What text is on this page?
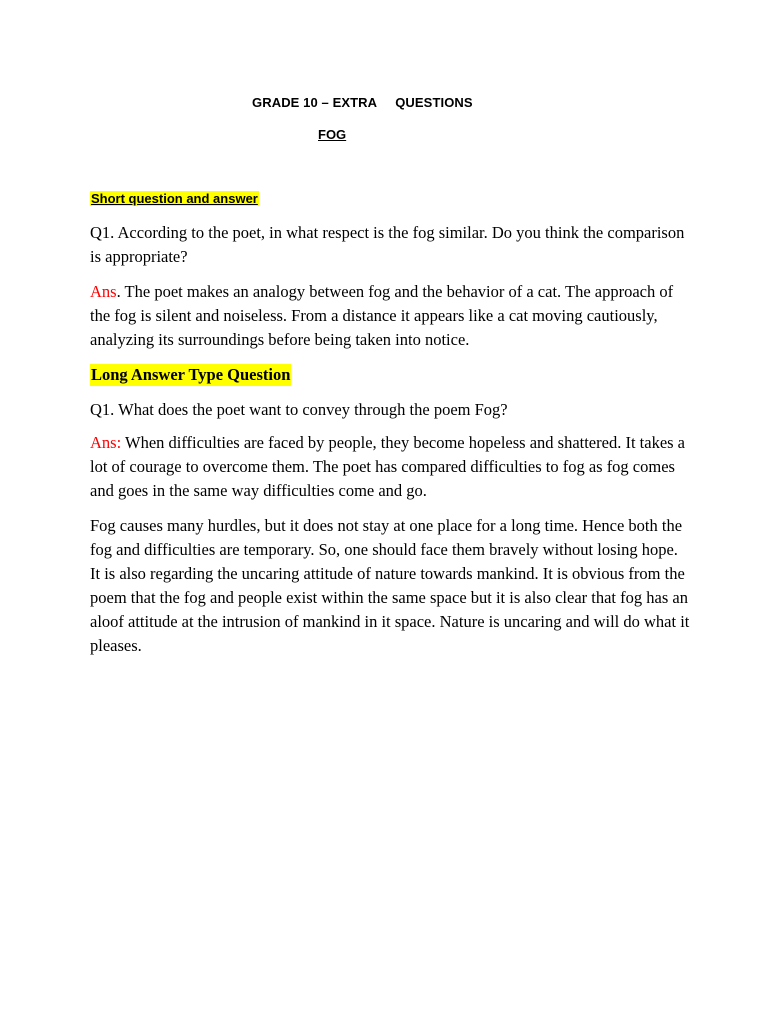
GRADE 10 – EXTRA     QUESTIONS
FOG
Short question and answer

Q1. According to the poet, in what respect is the fog similar. Do you think the comparison is appropriate?

Ans. The poet makes an analogy between fog and the behavior of a cat. The approach of the fog is silent and noiseless. From a distance it appears like a cat moving cautiously, analyzing its surroundings before being taken into notice.

Long Answer Type Question

Q1. What does the poet want to convey through the poem Fog?

Ans: When difficulties are faced by people, they become hopeless and shattered. It takes a lot of courage to overcome them. The poet has compared difficulties to fog as fog comes and goes in the same way difficulties come and go.

Fog causes many hurdles, but it does not stay at one place for a long time. Hence both the fog and difficulties are temporary. So, one should face them bravely without losing hope. It is also regarding the uncaring attitude of nature towards mankind. It is obvious from the poem that the fog and people exist within the same space but it is also clear that fog has an aloof attitude at the intrusion of mankind in it space. Nature is uncaring and will do what it pleases.
